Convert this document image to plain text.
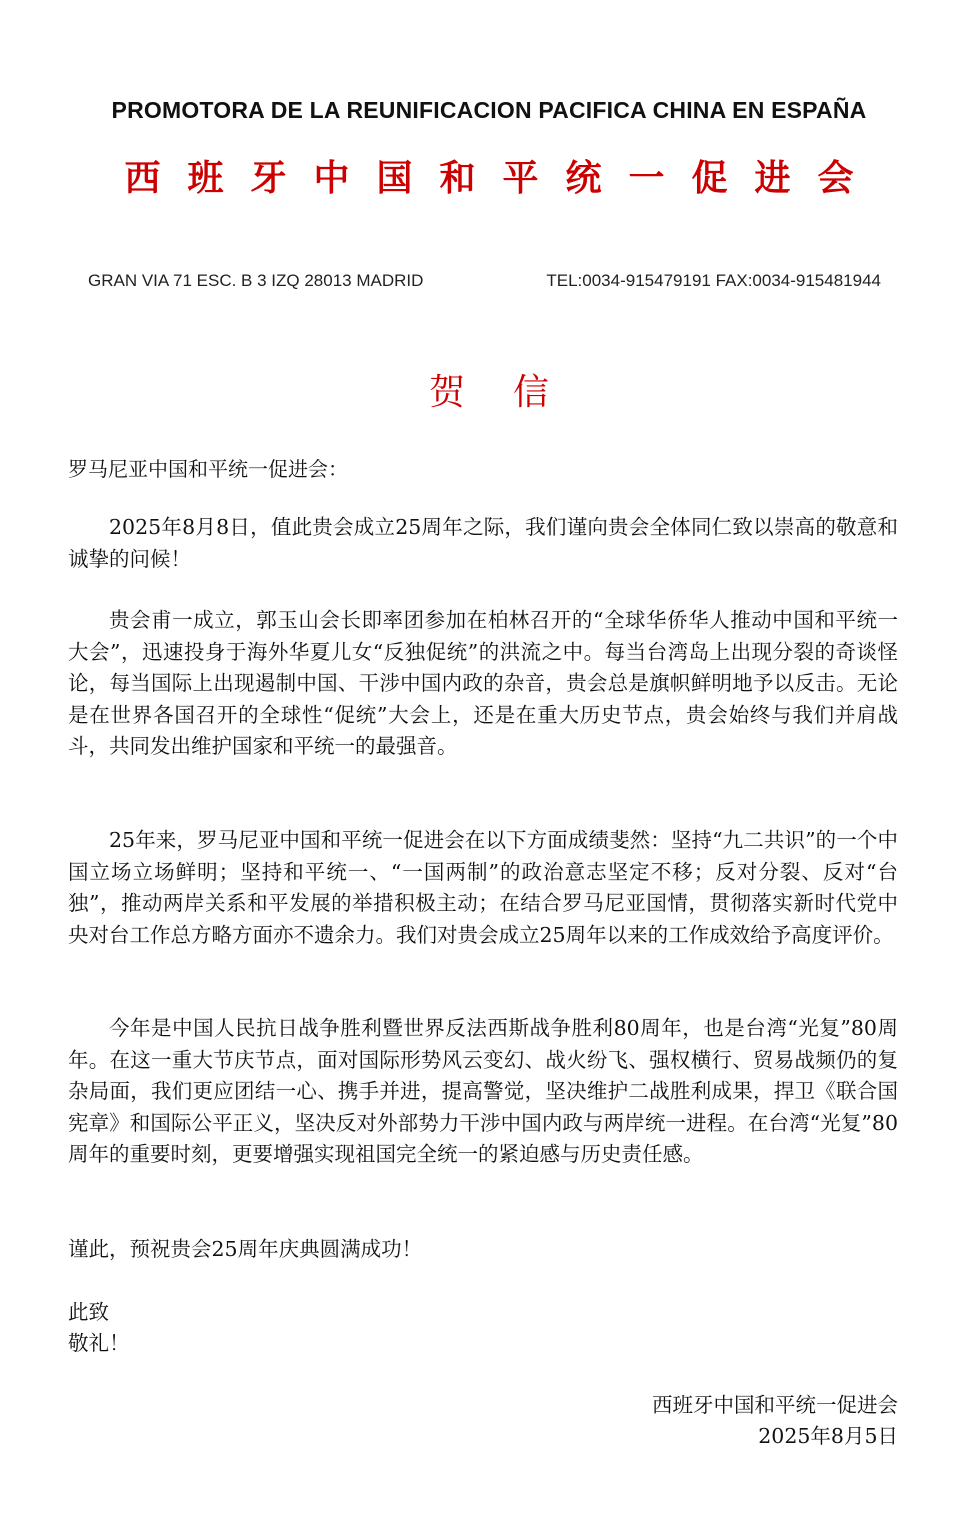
PROMOTORA DE LA REUNIFICACION PACIFICA CHINA EN ESPAÑA
西班牙中国和平统一促进会
GRAN VIA 71 ESC. B 3 IZQ 28013 MADRID	TEL:0034-915479191 FAX:0034-915481944
贺信
罗马尼亚中国和平统一促进会：

2025年8月8日，值此贵会成立25周年之际，我们谨向贵会全体同仁致以崇高的敬意和诚挚的问候！

贵会甫一成立，郭玉山会长即率团参加在柏林召开的“全球华侨华人推动中国和平统一大会”，迅速投身于海外华夏儿女“反独促统”的洪流之中。每当台湾岛上出现分裂的奇谈怪论，每当国际上出现遏制中国、干涉中国内政的杂音，贵会总是旗帜鲜明地予以反击。无论是在世界各国召开的全球性“促统”大会上，还是在重大历史节点，贵会始终与我们并肩战斗，共同发出维护国家和平统一的最强音。

25年来，罗马尼亚中国和平统一促进会在以下方面成绩斐然：坚持“九二共识”的一个中国立场立场鲜明；坚持和平统一、“一国两制”的政治意志坚定不移；反对分裂、反对“台独”，推动两岸关系和平发展的举措积极主动；在结合罗马尼亚国情，贯彻落实新时代党中央对台工作总方略方面亦不遗余力。我们对贵会成立25周年以来的工作成效给予高度评价。

今年是中国人民抗日战争胜利暨世界反法西斯战争胜利80周年，也是台湾“光复”80周年。在这一重大节庆节点，面对国际形势风云变幻、战火纷飞、强权横行、贸易战频仍的复杂局面，我们更应团结一心、携手并进，提高警觉，坚决维护二战胜利成果，捍卫《联合国宪章》和国际公平正义，坚决反对外部势力干涉中国内政与两岸统一进程。在台湾“光复”80周年的重要时刻，更要增强实现祖国完全统一的紧迫感与历史责任感。

谨此，预祝贵会25周年庆典圆满成功！
此致
敬礼！
西班牙中国和平统一促进会
2025年8月5日
